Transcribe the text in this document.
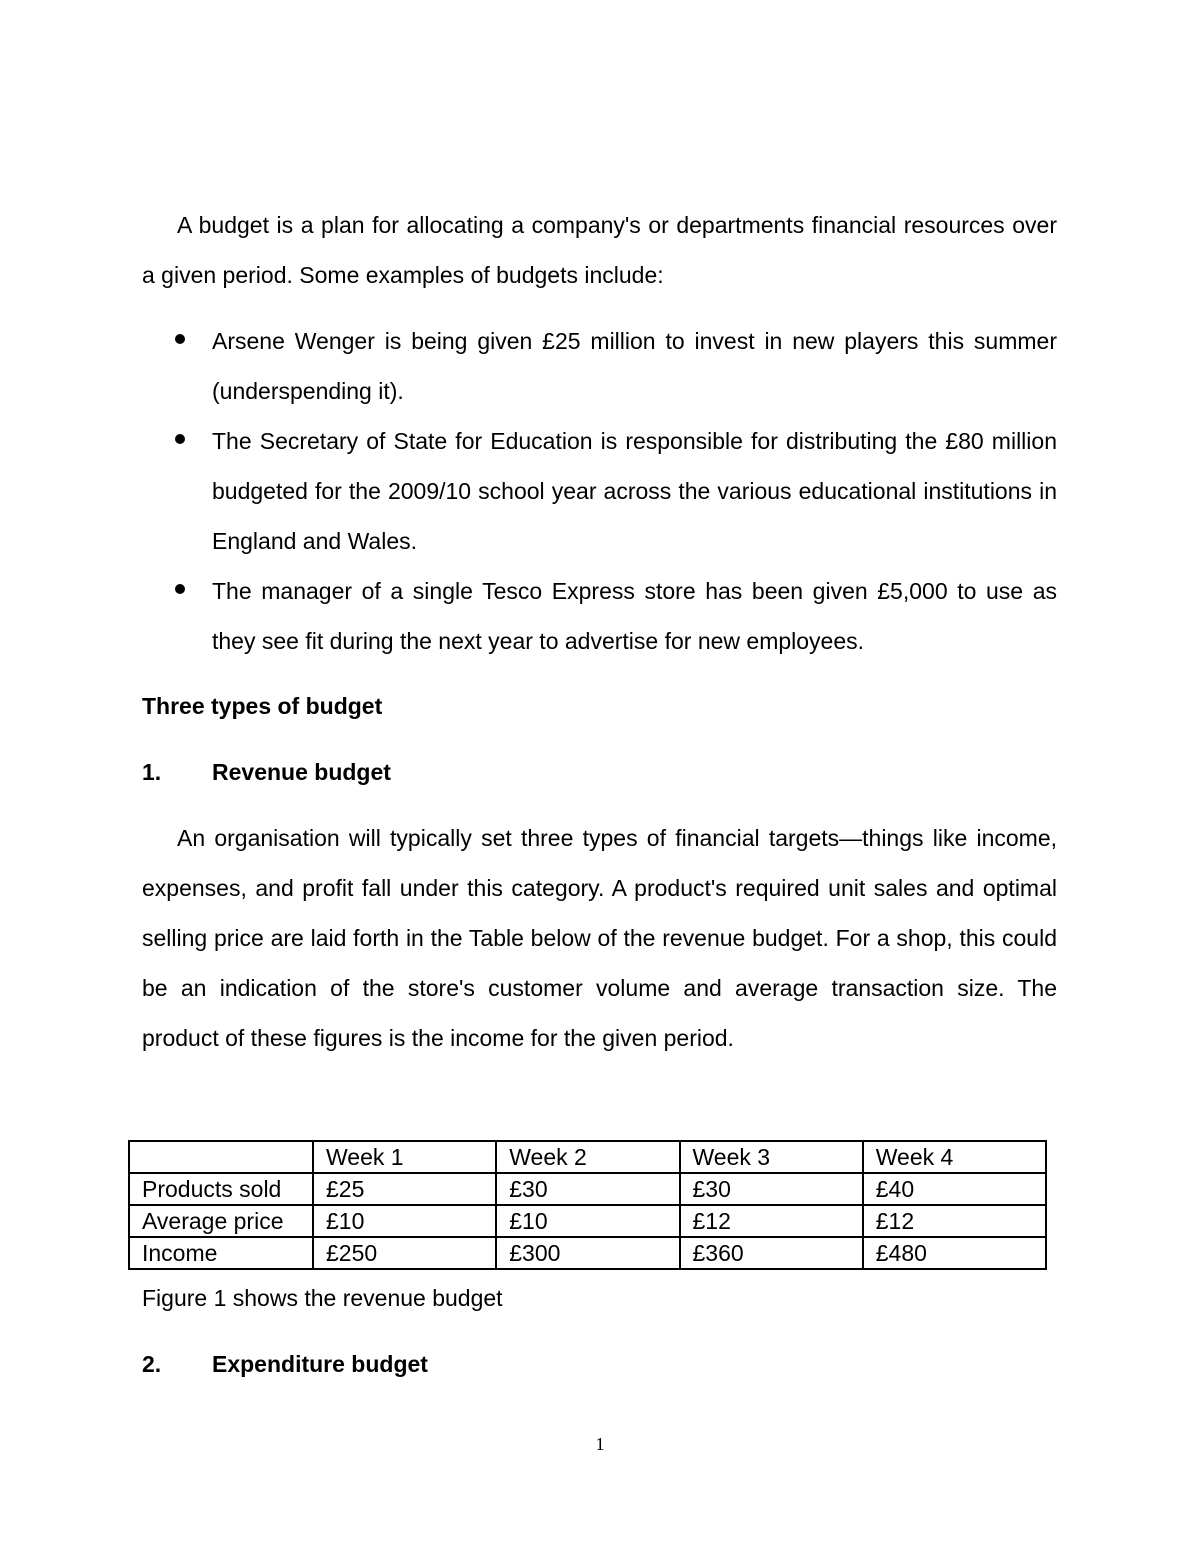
A budget is a plan for allocating a company's or departments financial resources over a given period. Some examples of budgets include:

Arsene Wenger is being given £25 million to invest in new players this summer (underspending it).
The Secretary of State for Education is responsible for distributing the £80 million budgeted for the 2009/10 school year across the various educational institutions in England and Wales.
The manager of a single Tesco Express store has been given £5,000 to use as they see fit during the next year to advertise for new employees.

Three types of budget

1. Revenue budget

An organisation will typically set three types of financial targets—things like income, expenses, and profit fall under this category. A product's required unit sales and optimal selling price are laid forth in the Table below of the revenue budget. For a shop, this could be an indication of the store's customer volume and average transaction size. The product of these figures is the income for the given period.

	Week 1	Week 2	Week 3	Week 4
Products sold	£25	£30	£30	£40
Average price	£10	£10	£12	£12
Income	£250	£300	£360	£480

Figure 1 shows the revenue budget

2. Expenditure budget

1
